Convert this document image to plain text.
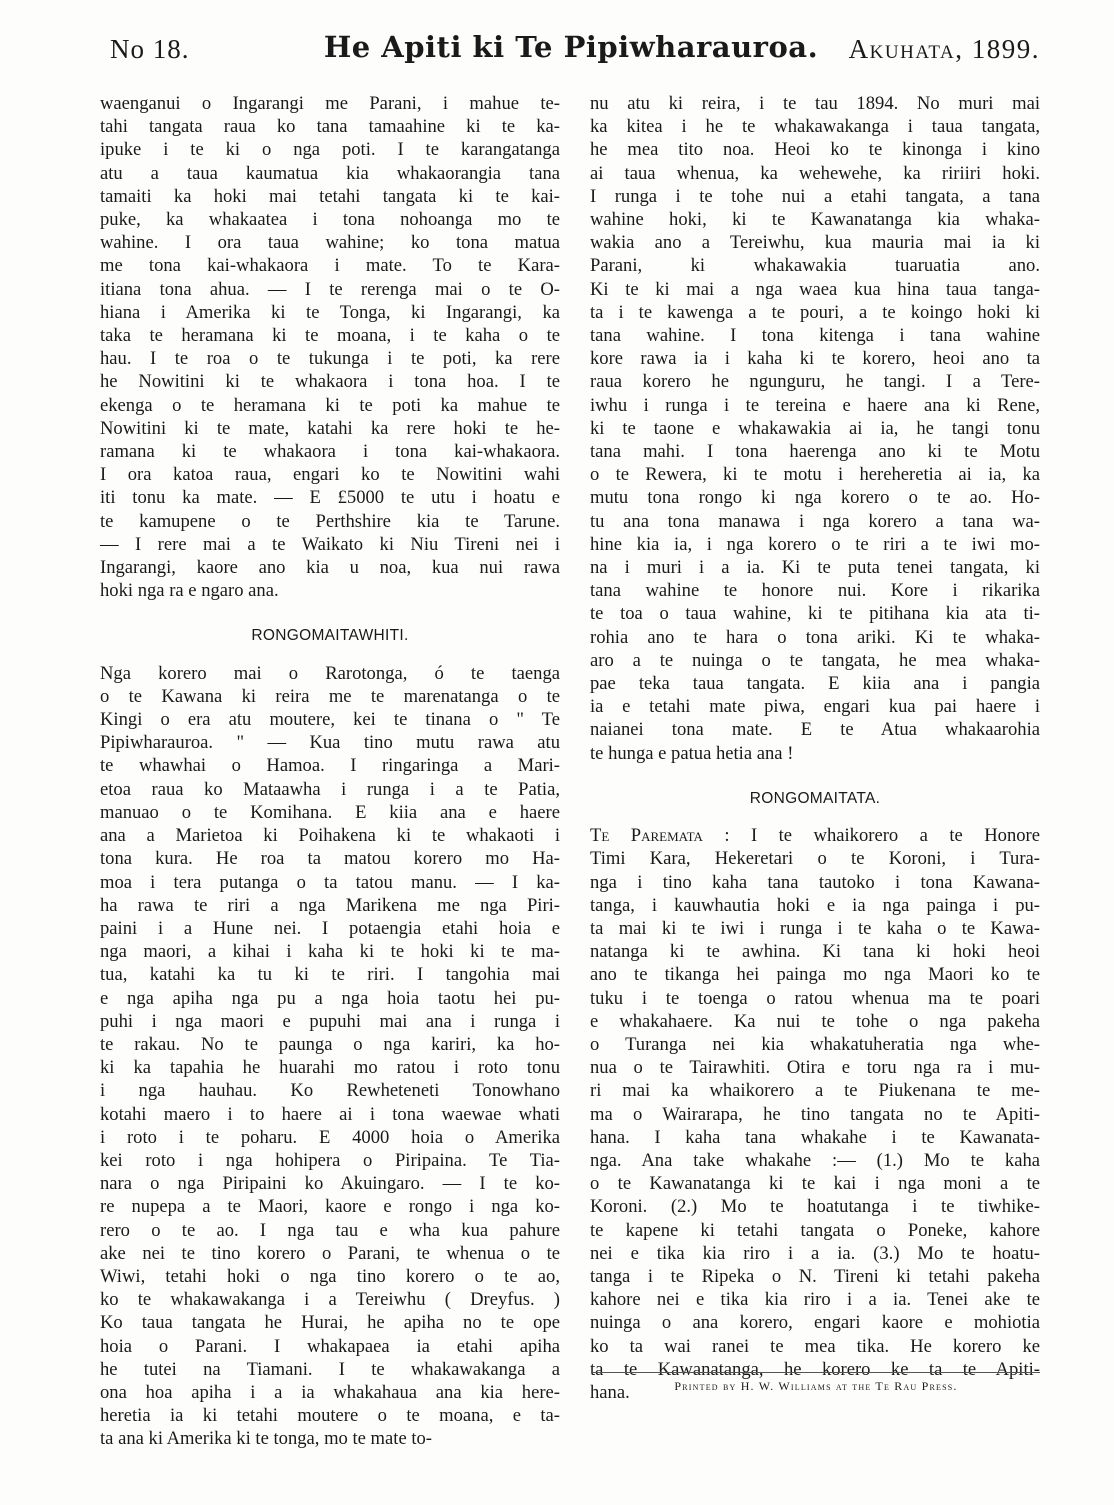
No 18.	He Apiti ki Te Pipiwharauroa.	Akuhata, 1899.
waenganui o Ingarangi me Parani, i mahue te-
tahi tangata raua ko tana tamaahine ki te ka-
ipuke i te ki o nga poti. I te karangatanga
atu a taua kaumatua kia whakaorangia tana
tamaiti ka hoki mai tetahi tangata ki te kai-
puke, ka whakaatea i tona nohoanga mo te
wahine. I ora taua wahine; ko tona matua
me tona kai-whakaora i mate. To te Kara-
itiana tona ahua. — I te rerenga mai o te O-
hiana i Amerika ki te Tonga, ki Ingarangi, ka
taka te heramana ki te moana, i te kaha o te
hau. I te roa o te tukunga i te poti, ka rere
he Nowitini ki te whakaora i tona hoa. I te
ekenga o te heramana ki te poti ka mahue te
Nowitini ki te mate, katahi ka rere hoki te he-
ramana ki te whakaora i tona kai-whakaora.
I ora katoa raua, engari ko te Nowitini wahi
iti tonu ka mate. — E £5000 te utu i hoatu e
te kamupene o te Perthshire kia te Tarune.
— I rere mai a te Waikato ki Niu Tireni nei i
Ingarangi, kaore ano kia u noa, kua nui rawa
hoki nga ra e ngaro ana.
RONGOMAITAWHITI.
Nga korero mai o Rarotonga, ó te taenga
o te Kawana ki reira me te marenatanga o te
Kingi o era atu moutere, kei te tinana o " Te
Pipiwharauroa. " — Kua tino mutu rawa atu
te whawhai o Hamoa. I ringaringa a Mari-
etoa raua ko Mataawha i runga i a te Patia,
manuao o te Komihana. E kiia ana e haere
ana a Marietoa ki Poihakena ki te whakaoti i
tona kura. He roa ta matou korero mo Ha-
moa i tera putanga o ta tatou manu. — I ka-
ha rawa te riri a nga Marikena me nga Piri-
paini i a Hune nei. I potaengia etahi hoia e
nga maori, a kihai i kaha ki te hoki ki te ma-
tua, katahi ka tu ki te riri. I tangohia mai
e nga apiha nga pu a nga hoia taotu hei pu-
puhi i nga maori e pupuhi mai ana i runga i
te rakau. No te paunga o nga kariri, ka ho-
ki ka tapahia he huarahi mo ratou i roto tonu
i nga hauhau. Ko Rewheteneti Tonowhano
kotahi maero i to haere ai i tona waewae whati
i roto i te poharu. E 4000 hoia o Amerika
kei roto i nga hohipera o Piripaina. Te Tia-
nara o nga Piripaini ko Akuingaro. — I te ko-
re nupepa a te Maori, kaore e rongo i nga ko-
rero o te ao. I nga tau e wha kua pahure
ake nei te tino korero o Parani, te whenua o te
Wiwi, tetahi hoki o nga tino korero o te ao,
ko te whakawakanga i a Tereiwhu ( Dreyfus. )
Ko taua tangata he Hurai, he apiha no te ope
hoia o Parani. I whakapaea ia etahi apiha
he tutei na Tiamani. I te whakawakanga a
ona hoa apiha i a ia whakahaua ana kia here-
heretia ia ki tetahi moutere o te moana, e ta-
ta ana ki Amerika ki te tonga, mo te mate to-
nu atu ki reira, i te tau 1894. No muri mai
ka kitea i he te whakawakanga i taua tangata,
he mea tito noa. Heoi ko te kinonga i kino
ai taua whenua, ka wehewehe, ka ririiri hoki.
I runga i te tohe nui a etahi tangata, a tana
wahine hoki, ki te Kawanatanga kia whaka-
wakia ano a Tereiwhu, kua mauria mai ia ki
Parani, ki whakawakia tuaruatia ano.
Ki te ki mai a nga waea kua hina taua tanga-
ta i te kawenga a te pouri, a te koingo hoki ki
tana wahine. I tona kitenga i tana wahine
kore rawa ia i kaha ki te korero, heoi ano ta
raua korero he ngunguru, he tangi. I a Tere-
iwhu i runga i te tereina e haere ana ki Rene,
ki te taone e whakawakia ai ia, he tangi tonu
tana mahi. I tona haerenga ano ki te Motu
o te Rewera, ki te motu i hereheretia ai ia, ka
mutu tona rongo ki nga korero o te ao. Ho-
tu ana tona manawa i nga korero a tana wa-
hine kia ia, i nga korero o te riri a te iwi mo-
na i muri i a ia. Ki te puta tenei tangata, ki
tana wahine te honore nui. Kore i rikarika
te toa o taua wahine, ki te pitihana kia ata ti-
rohia ano te hara o tona ariki. Ki te whaka-
aro a te nuinga o te tangata, he mea whaka-
pae teka taua tangata. E kiia ana i pangia
ia e tetahi mate piwa, engari kua pai haere i
naianei tona mate. E te Atua whakaarohia
te hunga e patua hetia ana !
RONGOMAITATA.
Te Paremata : I te whaikorero a te Honore
Timi Kara, Hekeretari o te Koroni, i Tura-
nga i tino kaha tana tautoko i tona Kawana-
tanga, i kauwhautia hoki e ia nga painga i pu-
ta mai ki te iwi i runga i te kaha o te Kawa-
natanga ki te awhina. Ki tana ki hoki heoi
ano te tikanga hei painga mo nga Maori ko te
tuku i te toenga o ratou whenua ma te poari
e whakahaere. Ka nui te tohe o nga pakeha
o Turanga nei kia whakatuheratia nga whe-
nua o te Tairawhiti. Otira e toru nga ra i mu-
ri mai ka whaikorero a te Piukenana te me-
ma o Wairarapa, he tino tangata no te Apiti-
hana. I kaha tana whakahe i te Kawanata-
nga. Ana take whakahe :— (1.) Mo te kaha
o te Kawanatanga ki te kai i nga moni a te
Koroni. (2.) Mo te hoatutanga i te tiwhike-
te kapene ki tetahi tangata o Poneke, kahore
nei e tika kia riro i a ia. (3.) Mo te hoatu-
tanga i te Ripeka o N. Tireni ki tetahi pakeha
kahore nei e tika kia riro i a ia. Tenei ake te
nuinga o ana korero, engari kaore e mohiotia
ko ta wai ranei te mea tika. He korero ke
ta te Kawanatanga, he korero ke ta te Apiti-
hana.	Printed by H. W. Williams at the Te Rau Press.
